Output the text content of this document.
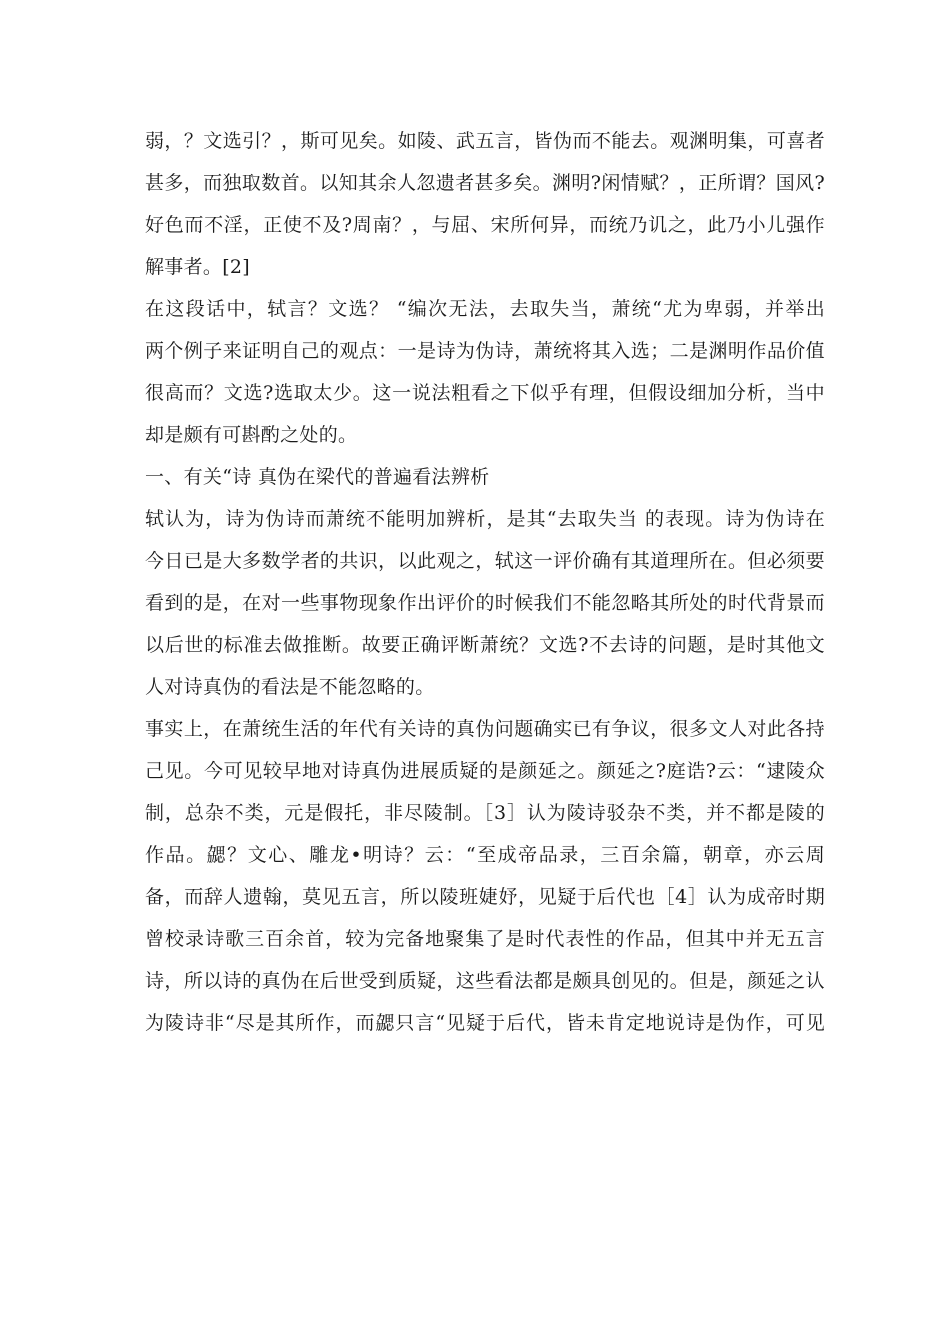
弱，？文选引？，斯可见矣。如陵、武五言，皆伪而不能去。观渊明集，可喜者
甚多，而独取数首。以知其余人忽遗者甚多矣。渊明?闲情赋？，正所谓？国风?
好色而不淫，正使不及?周南？，与屈、宋所何异，而统乃讥之，此乃小儿强作
解事者。[2]
在这段话中，轼言？文选？ “编次无法，去取失当，萧统“尤为卑弱，并举出
两个例子来证明自己的观点：一是诗为伪诗，萧统将其入选；二是渊明作品价值
很高而？文选?选取太少。这一说法粗看之下似乎有理，但假设细加分析，当中
却是颇有可斟酌之处的。
一、有关“诗 真伪在梁代的普遍看法辨析
轼认为，诗为伪诗而萧统不能明加辨析，是其“去取失当 的表现。诗为伪诗在
今日已是大多数学者的共识，以此观之，轼这一评价确有其道理所在。但必须要
看到的是，在对一些事物现象作出评价的时候我们不能忽略其所处的时代背景而
以后世的标准去做推断。故要正确评断萧统？文选?不去诗的问题，是时其他文
人对诗真伪的看法是不能忽略的。
事实上，在萧统生活的年代有关诗的真伪问题确实已有争议，很多文人对此各持
己见。今可见较早地对诗真伪进展质疑的是颜延之。颜延之?庭诰?云：“逮陵众
制，总杂不类，元是假托，非尽陵制。［3］认为陵诗驳杂不类，并不都是陵的
作品。勰？文心、雕龙•明诗？云：“至成帝品录，三百余篇，朝章，亦云周
备，而辞人遗翰，莫见五言，所以陵班婕妤，见疑于后代也［4］认为成帝时期
曾校录诗歌三百余首，较为完备地聚集了是时代表性的作品，但其中并无五言
诗，所以诗的真伪在后世受到质疑，这些看法都是颇具创见的。但是，颜延之认
为陵诗非“尽是其所作，而勰只言“见疑于后代，皆未肯定地说诗是伪作，可见
